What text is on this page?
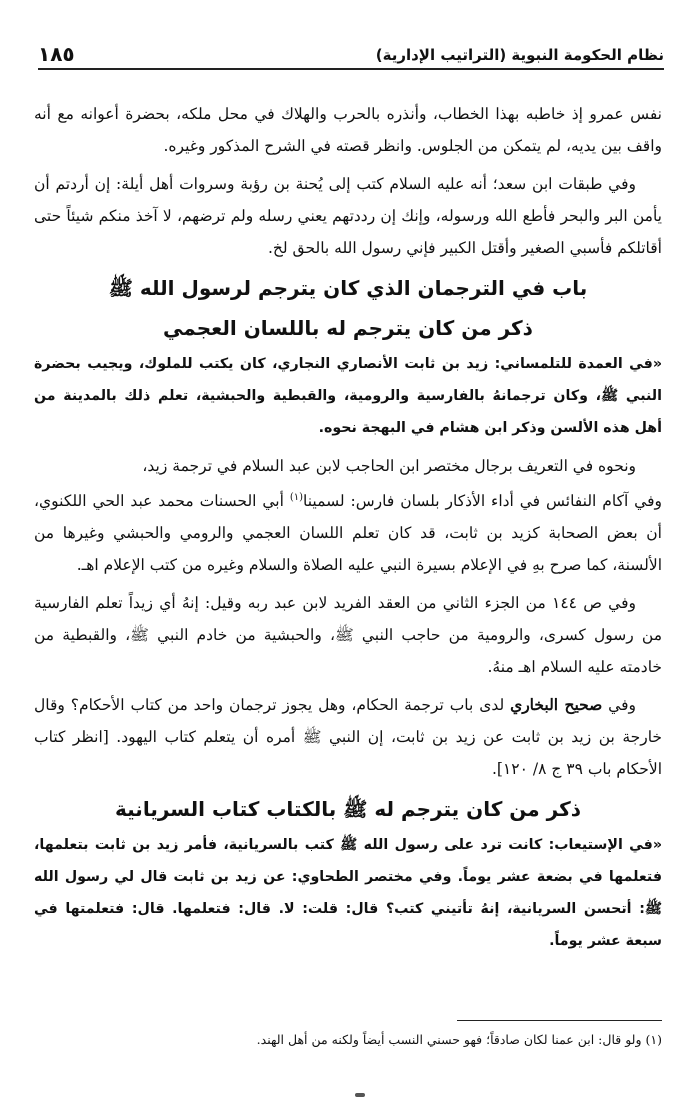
نظام الحكومة النبوية (التراتيب الإدارية)
١٨٥

نفس عمرو إذ خاطبه بهذا الخطاب، وأنذره بالحرب والهلاك في محل ملكه، بحضرة أعوانه مع أنه واقف بين يديه، لم يتمكن من الجلوس. وانظر قصته في الشرح المذكور وغيره.

وفي طبقات ابن سعد؛ أنه عليه السلام كتب إلى يُحنة بن رؤبة وسروات أهل أيلة: إن أردتم أن يأمن البر والبحر فأطع الله ورسوله، وإنك إن رددتهم يعني رسله ولم ترضهم، لا آخذ منكم شيئاً حتى أقاتلكم فأسبي الصغير وأقتل الكبير فإني رسول الله بالحق لخ.

باب في الترجمان الذي كان يترجم لرسول الله ﷺ

ذكر من كان يترجم له باللسان العجمي

«في العمدة للتلمساني: زيد بن ثابت الأنصاري النجاري، كان يكتب للملوك، ويجيب بحضرة النبي ﷺ، وكان ترجمانهُ بالفارسية والرومية، والقبطية والحبشية، تعلم ذلك بالمدينة من أهل هذه الألسن وذكر ابن هشام في البهجة نحوه.

ونحوه في التعريف برجال مختصر ابن الحاجب لابن عبد السلام في ترجمة زيد،

وفي آكام النفائس في أداء الأذكار بلسان فارس: لسمينا$^{(١)}$ أبي الحسنات محمد عبد الحي اللكنوي، أن بعض الصحابة كزيد بن ثابت، قد كان تعلم اللسان العجمي والرومي والحبشي وغيرها من الألسنة، كما صرح بهِ في الإعلام بسيرة النبي عليه الصلاة والسلام وغيره من كتب الإعلام اهـ.

وفي ص ١٤٤ من الجزء الثاني من العقد الفريد لابن عبد ربه وقيل: إنهُ أي زيداً تعلم الفارسية من رسول كسرى، والرومية من حاجب النبي ﷺ، والحبشية من خادم النبي ﷺ، والقبطية من خادمته عليه السلام اهـ منهُ.

وفي صحيح البخاري لدى باب ترجمة الحكام، وهل يجوز ترجمان واحد من كتاب الأحكام؟ وقال خارجة بن زيد بن ثابت عن زيد بن ثابت، إن النبي ﷺ أمره أن يتعلم كتاب اليهود. [انظر كتاب الأحكام باب ٣٩ ج ٨/ ١٢٠].

ذكر من كان يترجم له ﷺ بالكتاب كتاب السريانية

«في الإستيعاب: كانت ترد على رسول الله ﷺ كتب بالسريانية، فأمر زيد بن ثابت بتعلمها، فتعلمها في بضعة عشر يوماً. وفي مختصر الطحاوي: عن زيد بن ثابت قال لي رسول الله ﷺ: أتحسن السريانية، إنهُ تأتيني كتب؟ قال: قلت: لا. قال: فتعلمها. قال: فتعلمتها في سبعة عشر يوماً.

(١) ولو قال: ابن عمنا لكان صادقاً؛ فهو حسني النسب أيضاً ولكنه من أهل الهند.
